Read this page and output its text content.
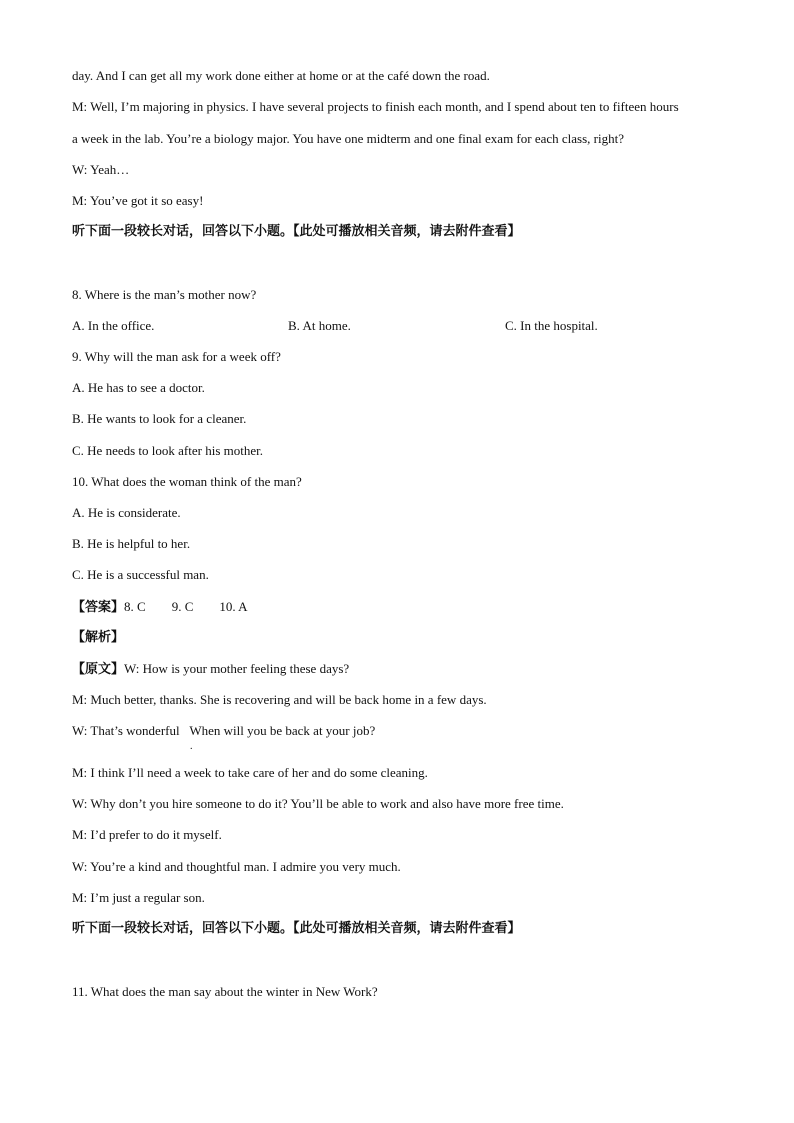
day. And I can get all my work done either at home or at the café down the road.
M: Well, I’m majoring in physics. I have several projects to finish each month, and I spend about ten to fifteen hours
a week in the lab. You’re a biology major. You have one midterm and one final exam for each class, right?
W: Yeah…
M: You’ve got it so easy!
听下面一段较长对话，回答以下小题。【此处可播放相关音频，请去附件查看】
8. Where is the man’s mother now?
A. In the office.	B. At home.	C. In the hospital.
9. Why will the man ask for a week off?
A. He has to see a doctor.
B. He wants to look for a cleaner.
C. He needs to look after his mother.
10. What does the woman think of the man?
A. He is considerate.
B. He is helpful to her.
C. He is a successful man.
【答案】8. C 9. C 10. A
【解析】
【原文】W: How is your mother feeling these days?
M: Much better, thanks. She is recovering and will be back home in a few days.
W: That’s wonderful When will you be back at your job?
.
M: I think I’ll need a week to take care of her and do some cleaning.
W: Why don’t you hire someone to do it? You’ll be able to work and also have more free time.
M: I’d prefer to do it myself.
W: You’re a kind and thoughtful man. I admire you very much.
M: I’m just a regular son.
听下面一段较长对话，回答以下小题。【此处可播放相关音频，请去附件查看】
11. What does the man say about the winter in New Work?
